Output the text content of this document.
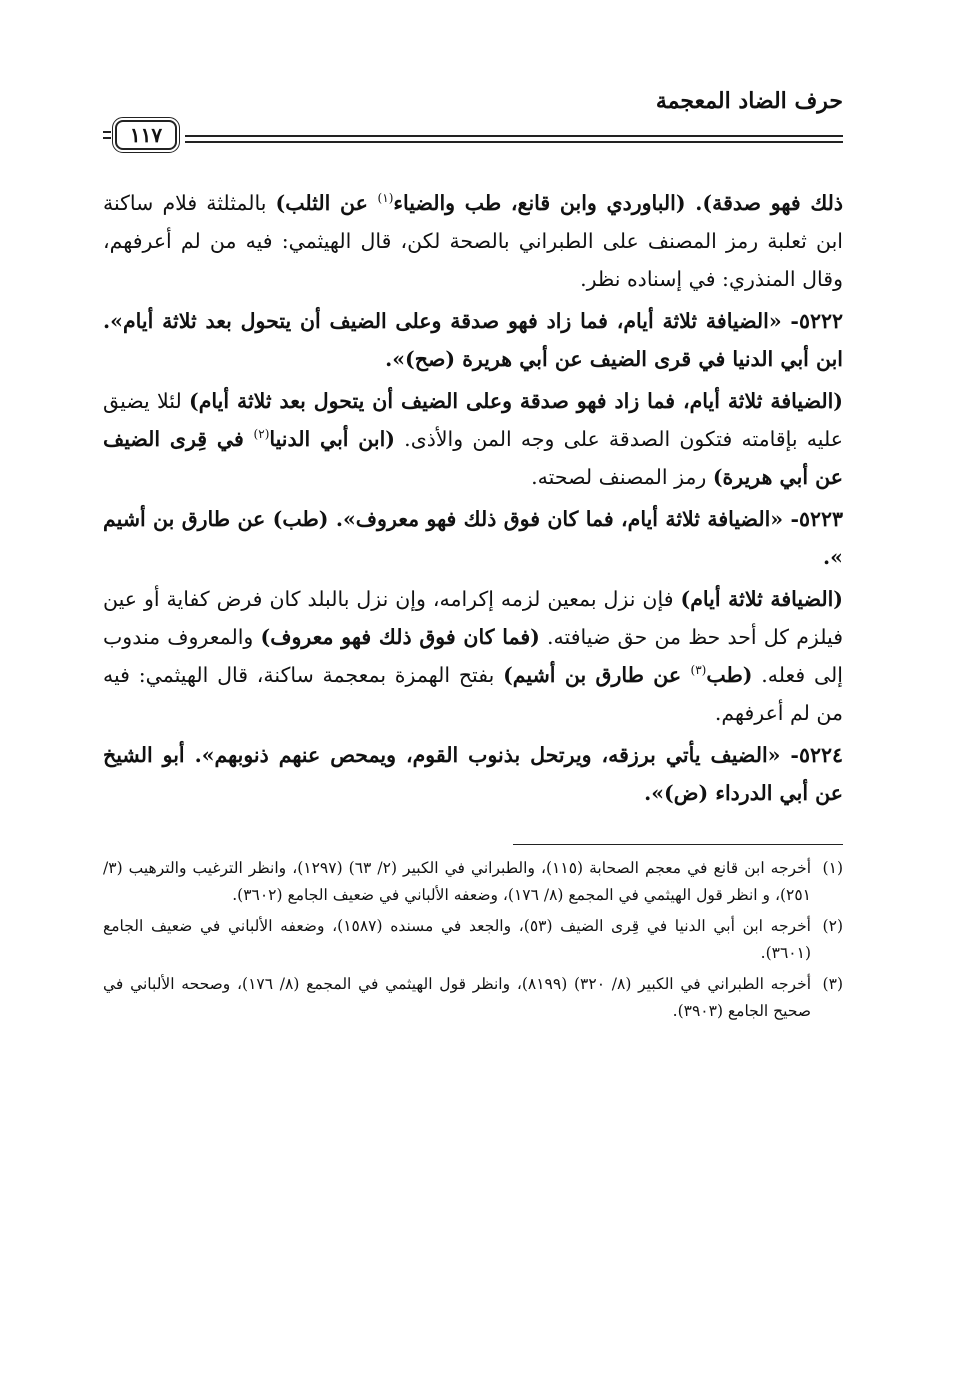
حرف الضاد المعجمة
١١٧

ذلك فهو صدقة). (الباوردي وابن قانع، طب والضياء$^{(١)}$ عن الثلب) بالمثلثة فلام ساكنة ابن ثعلبة رمز المصنف على الطبراني بالصحة لكن، قال الهيثمي: فيه من لم أعرفهم، وقال المنذري: في إسناده نظر.

٥٢٢٢- «الضيافة ثلاثة أيام، فما زاد فهو صدقة وعلى الضيف أن يتحول بعد ثلاثة أيام». ابن أبي الدنيا في قرى الضيف عن أبي هريرة (صح)».

(الضيافة ثلاثة أيام، فما زاد فهو صدقة وعلى الضيف أن يتحول بعد ثلاثة أيام) لئلا يضيق عليه بإقامته فتكون الصدقة على وجه المن والأذى. (ابن أبي الدنيا$^{(٢)}$ في قِرى الضيف عن أبي هريرة) رمز المصنف لصحته.

٥٢٢٣- «الضيافة ثلاثة أيام، فما كان فوق ذلك فهو معروف». (طب) عن طارق بن أشيم ».

(الضيافة ثلاثة أيام) فإن نزل بمعين لزمه إكرامه، وإن نزل بالبلد كان فرض كفاية أو عين فيلزم كل أحد حظ من حق ضيافته. (فما كان فوق ذلك فهو معروف) والمعروف مندوب إلى فعله. (طب$^{(٣)}$ عن طارق بن أشيم) بفتح الهمزة بمعجمة ساكنة، قال الهيثمي: فيه من لم أعرفهم.

٥٢٢٤- «الضيف يأتي برزقه، ويرتحل بذنوب القوم، ويمحص عنهم ذنوبهم». أبو الشيخ عن أبي الدرداء (ض)».

(١)
أخرجه ابن قانع في معجم الصحابة (١١٥)، والطبراني في الكبير (٢/ ٦٣) (١٢٩٧)، وانظر الترغيب والترهيب (٣/ ٢٥١)، و انظر قول الهيثمي في المجمع (٨/ ١٧٦)، وضعفه الألباني في ضعيف الجامع (٣٦٠٢).

(٢)
أخرجه ابن أبي الدنيا في قِرى الضيف (٥٣)، والجعد في مسنده (١٥٨٧)، وضعفه الألباني في ضعيف الجامع (٣٦٠١).

(٣)
أخرجه الطبراني في الكبير (٨/ ٣٢٠) (٨١٩٩)، وانظر قول الهيثمي في المجمع (٨/ ١٧٦)، وصححه الألباني في صحيح الجامع (٣٩٠٣).
